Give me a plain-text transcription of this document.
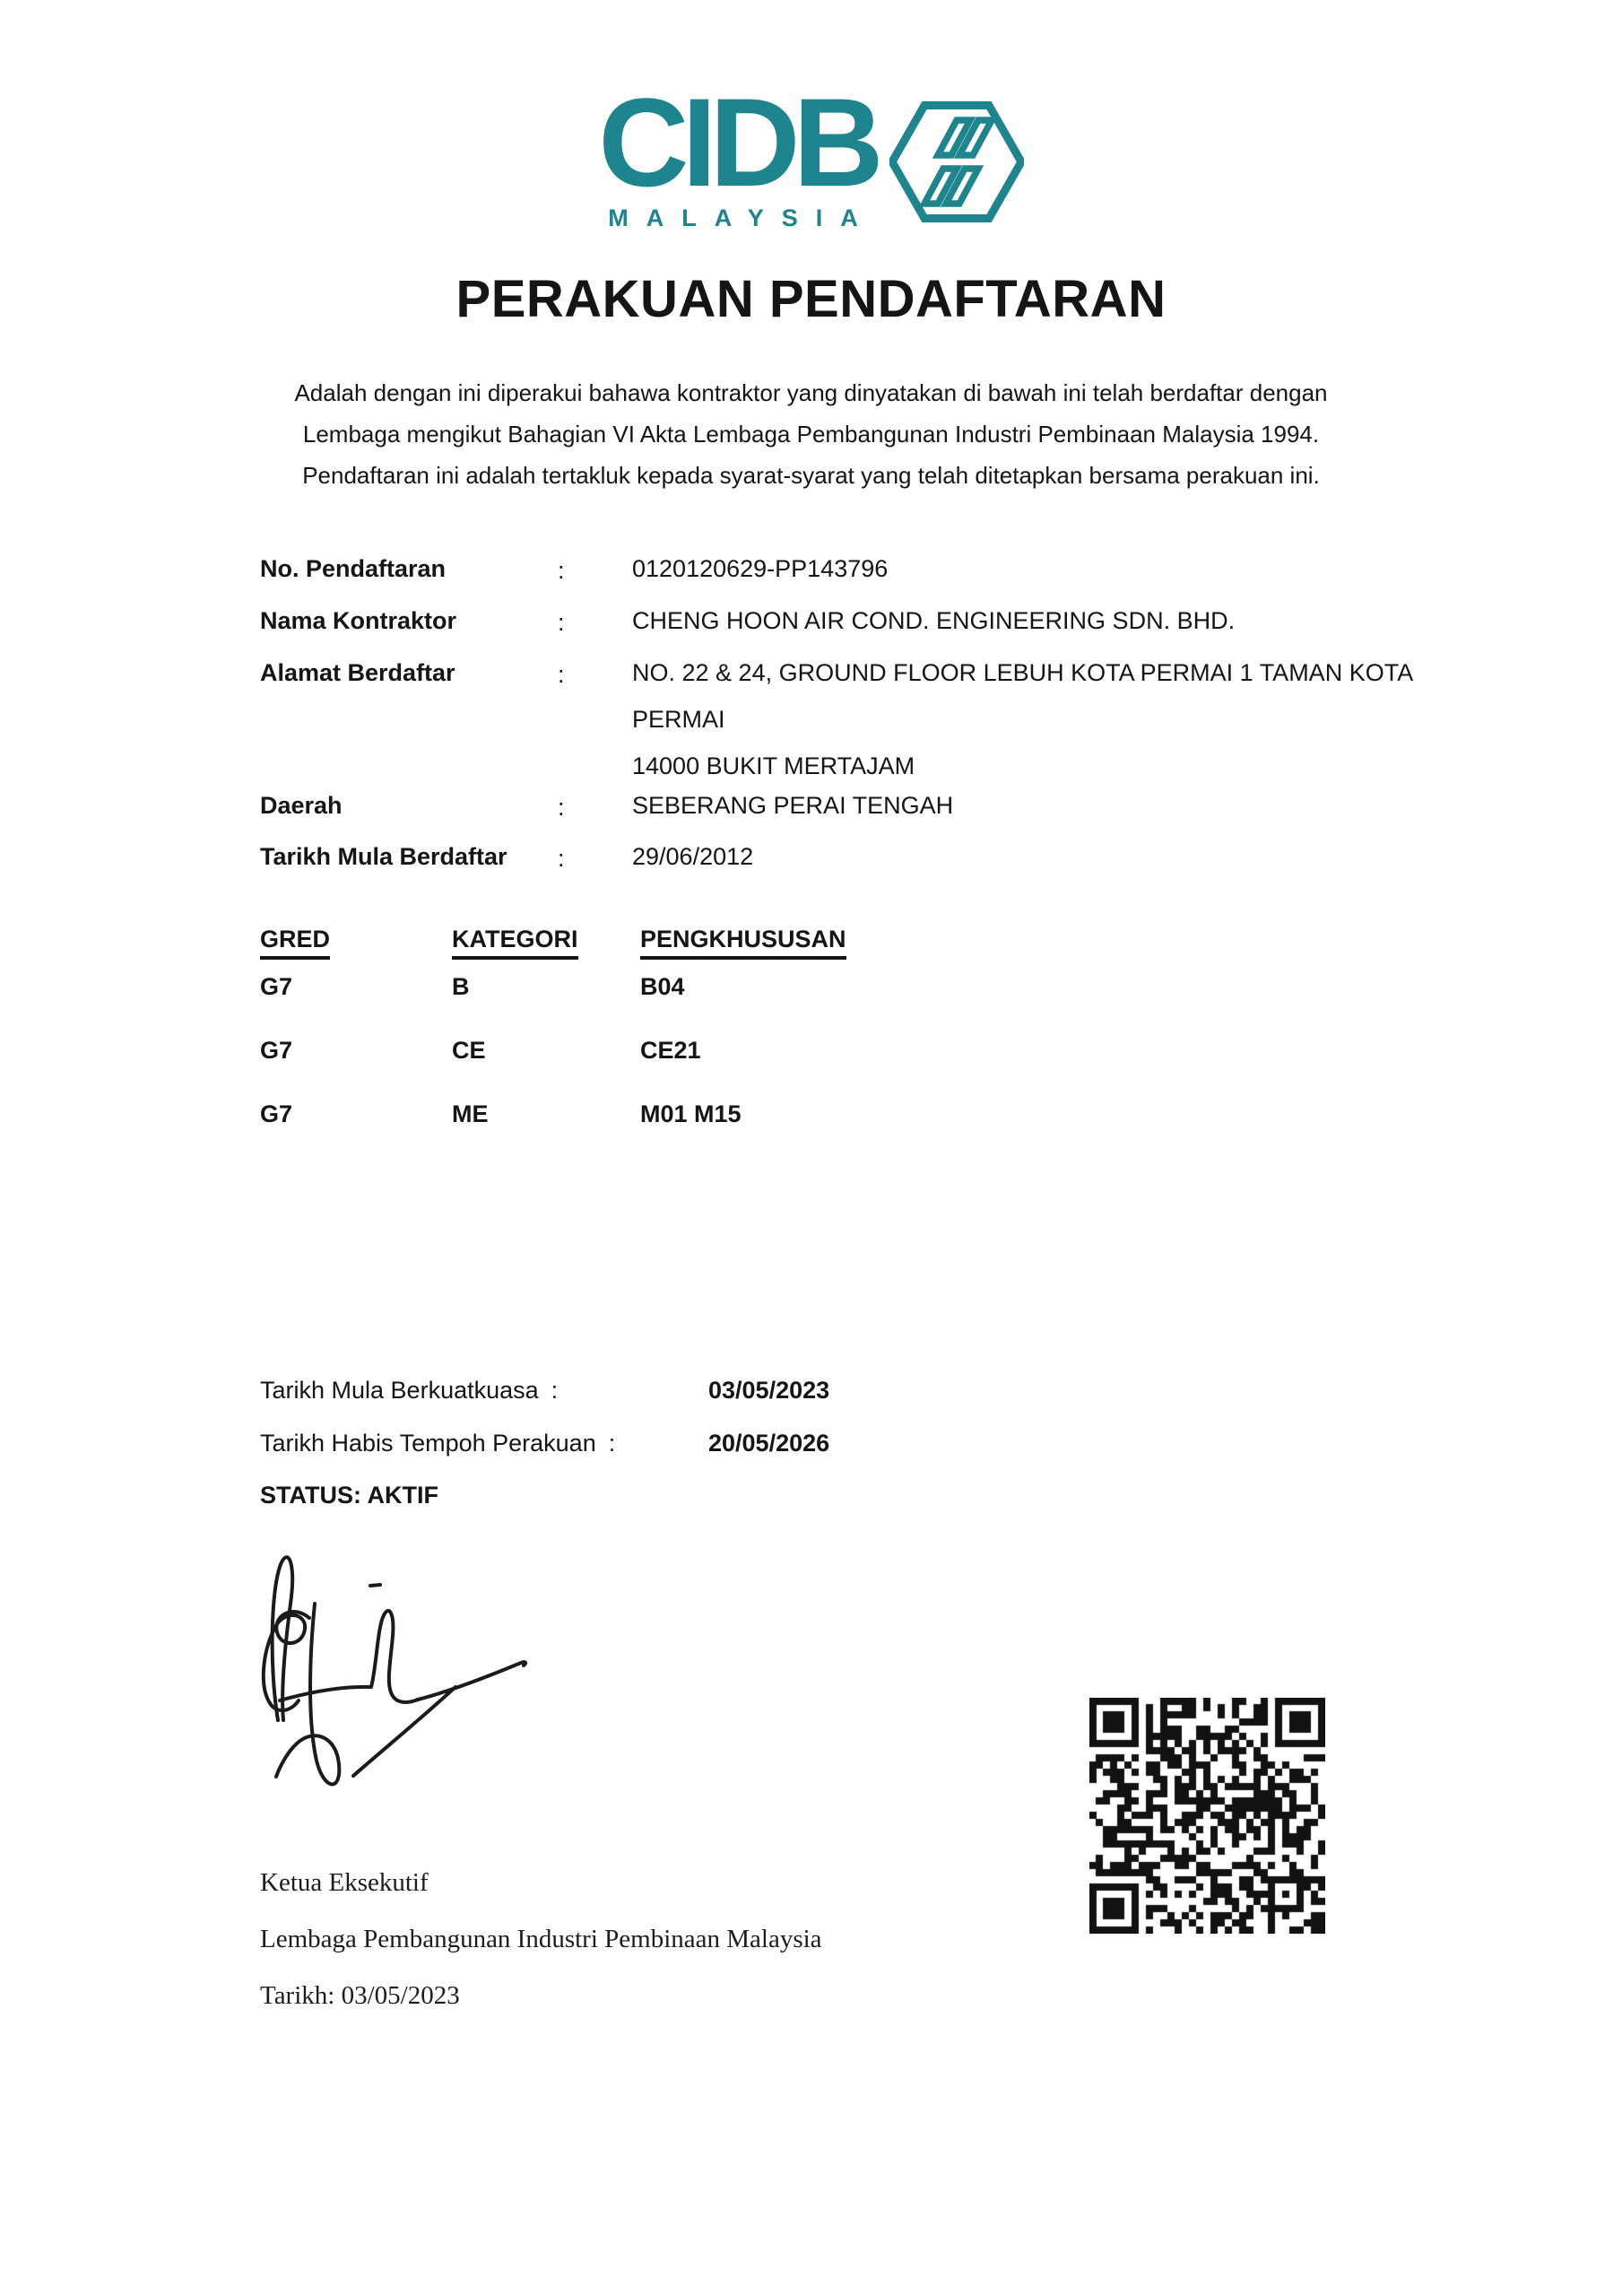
CIDB
MALAYSIA
PERAKUAN PENDAFTARAN
Adalah dengan ini diperakui bahawa kontraktor yang dinyatakan di bawah ini telah berdaftar dengan
Lembaga mengikut Bahagian VI Akta Lembaga Pembangunan Industri Pembinaan Malaysia 1994.
Pendaftaran ini adalah tertakluk kepada syarat-syarat yang telah ditetapkan bersama perakuan ini.
No. Pendaftaran	:	0120120629-PP143796
Nama Kontraktor	:	CHENG HOON AIR COND. ENGINEERING SDN. BHD.
Alamat Berdaftar	:	NO. 22 & 24, GROUND FLOOR LEBUH KOTA PERMAI 1 TAMAN KOTA PERMAI
14000 BUKIT MERTAJAM
Daerah	:	SEBERANG PERAI TENGAH
Tarikh Mula Berdaftar :	29/06/2012
GRED	KATEGORI	PENGKHUSUSAN
G7	B	B04
G7	CE	CE21
G7	ME	M01 M15
Tarikh Mula Berkuatkuasa :	03/05/2023
Tarikh Habis Tempoh Perakuan :	20/05/2026
STATUS: AKTIF
Ketua Eksekutif
Lembaga Pembangunan Industri Pembinaan Malaysia
Tarikh: 03/05/2023
